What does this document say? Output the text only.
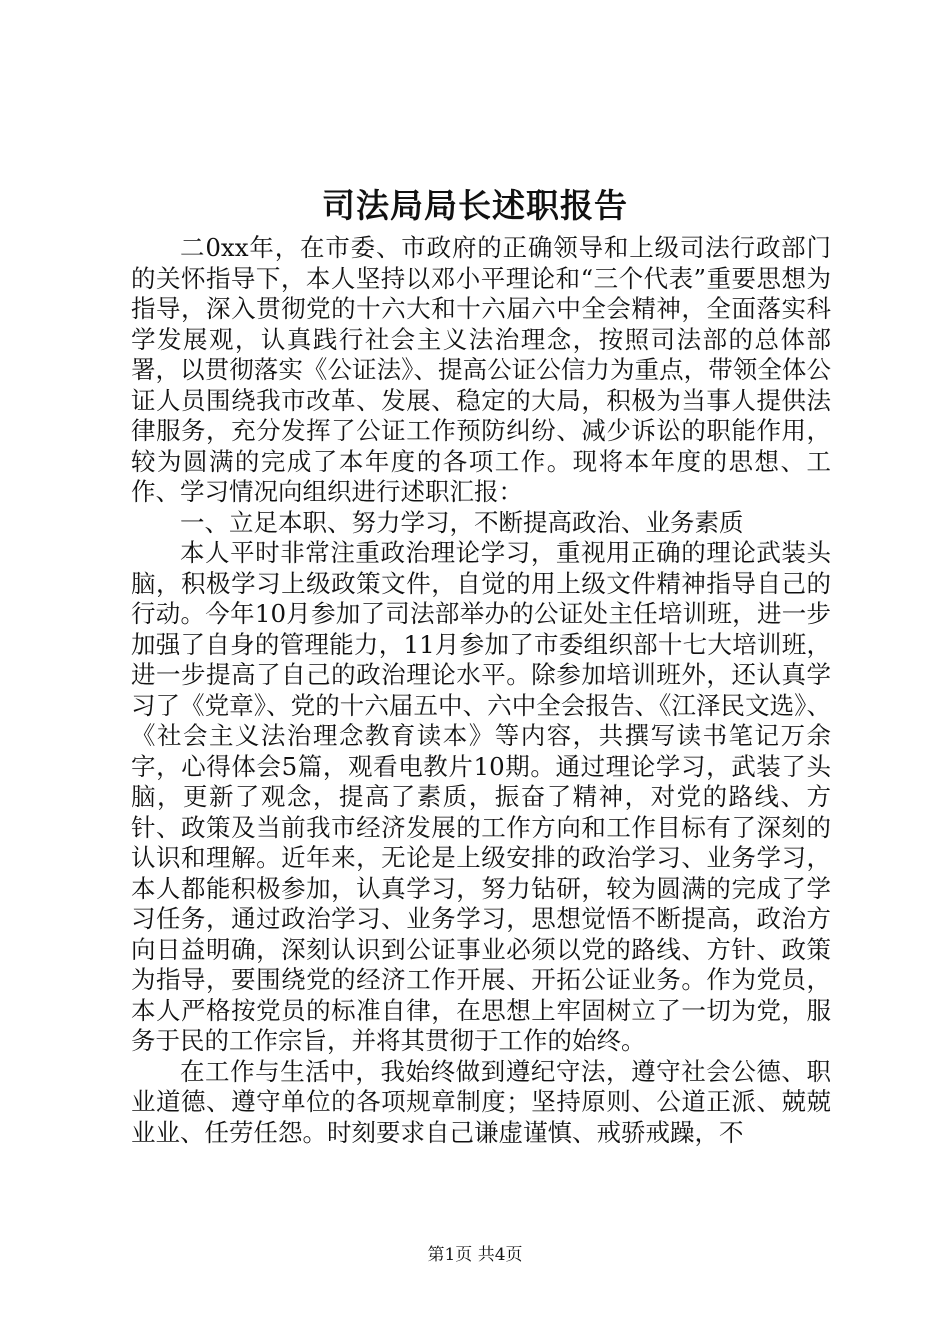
司法局局长述职报告

二0xx年，在市委、市政府的正确领导和上级司法行政部门的关怀指导下，本人坚持以邓小平理论和“三个代表”重要思想为指导，深入贯彻党的十六大和十六届六中全会精神，全面落实科学发展观，认真践行社会主义法治理念，按照司法部的总体部署，以贯彻落实《公证法》、提高公证公信力为重点，带领全体公证人员围绕我市改革、发展、稳定的大局，积极为当事人提供法律服务，充分发挥了公证工作预防纠纷、减少诉讼的职能作用，较为圆满的完成了本年度的各项工作。现将本年度的思想、工作、学习情况向组织进行述职汇报：

一、立足本职、努力学习，不断提高政治、业务素质

本人平时非常注重政治理论学习，重视用正确的理论武装头脑，积极学习上级政策文件，自觉的用上级文件精神指导自己的行动。今年10月参加了司法部举办的公证处主任培训班，进一步加强了自身的管理能力，11月参加了市委组织部十七大培训班，进一步提高了自己的政治理论水平。除参加培训班外，还认真学习了《党章》、党的十六届五中、六中全会报告、《江泽民文选》、《社会主义法治理念教育读本》等内容，共撰写读书笔记万余字，心得体会5篇，观看电教片10期。通过理论学习，武装了头脑，更新了观念，提高了素质，振奋了精神，对党的路线、方针、政策及当前我市经济发展的工作方向和工作目标有了深刻的认识和理解。近年来，无论是上级安排的政治学习、业务学习，本人都能积极参加，认真学习，努力钻研，较为圆满的完成了学习任务，通过政治学习、业务学习，思想觉悟不断提高，政治方向日益明确，深刻认识到公证事业必须以党的路线、方针、政策为指导，要围绕党的经济工作开展、开拓公证业务。作为党员，本人严格按党员的标准自律，在思想上牢固树立了一切为党，服务于民的工作宗旨，并将其贯彻于工作的始终。

在工作与生活中，我始终做到遵纪守法，遵守社会公德、职业道德、遵守单位的各项规章制度；坚持原则、公道正派、兢兢业业、任劳任怨。时刻要求自己谦虚谨慎、戒骄戒躁，不

第1页 共4页
